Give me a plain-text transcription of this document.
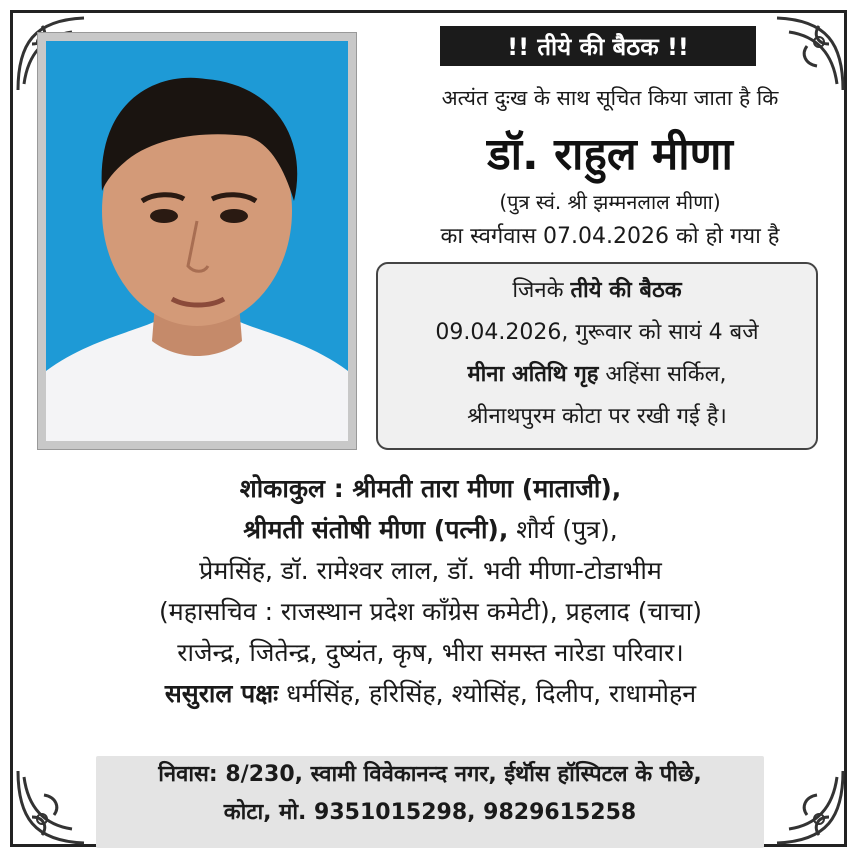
!! तीये की बैठक !!
अत्यंत दुःख के साथ सूचित किया जाता है कि
डॉ. राहुल मीणा
(पुत्र स्वं. श्री झम्मनलाल मीणा)
का स्वर्गवास 07.04.2026 को हो गया है
जिनके तीये की बैठक
09.04.2026, गुरूवार को सायं 4 बजे
मीना अतिथि गृह अहिंसा सर्किल,
श्रीनाथपुरम कोटा पर रखी गई है।
शोकाकुल : श्रीमती तारा मीणा (माताजी),
श्रीमती संतोषी मीणा (पत्नी), शौर्य (पुत्र),
प्रेमसिंह, डॉ. रामेश्वर लाल, डॉ. भवी मीणा-टोडाभीम
(महासचिव : राजस्थान प्रदेश कॉंग्रेस कमेटी), प्रहलाद (चाचा)
राजेन्द्र, जितेन्द्र, दुष्यंत, कृष, भीरा समस्त नारेडा परिवार।
ससुराल पक्षः धर्मसिंह, हरिसिंह, श्योसिंह, दिलीप, राधामोहन
निवास: 8/230, स्वामी विवेकानन्द नगर, ईर्थॉस हॉस्पिटल के पीछे,
कोटा, मो. 9351015298, 9829615258
